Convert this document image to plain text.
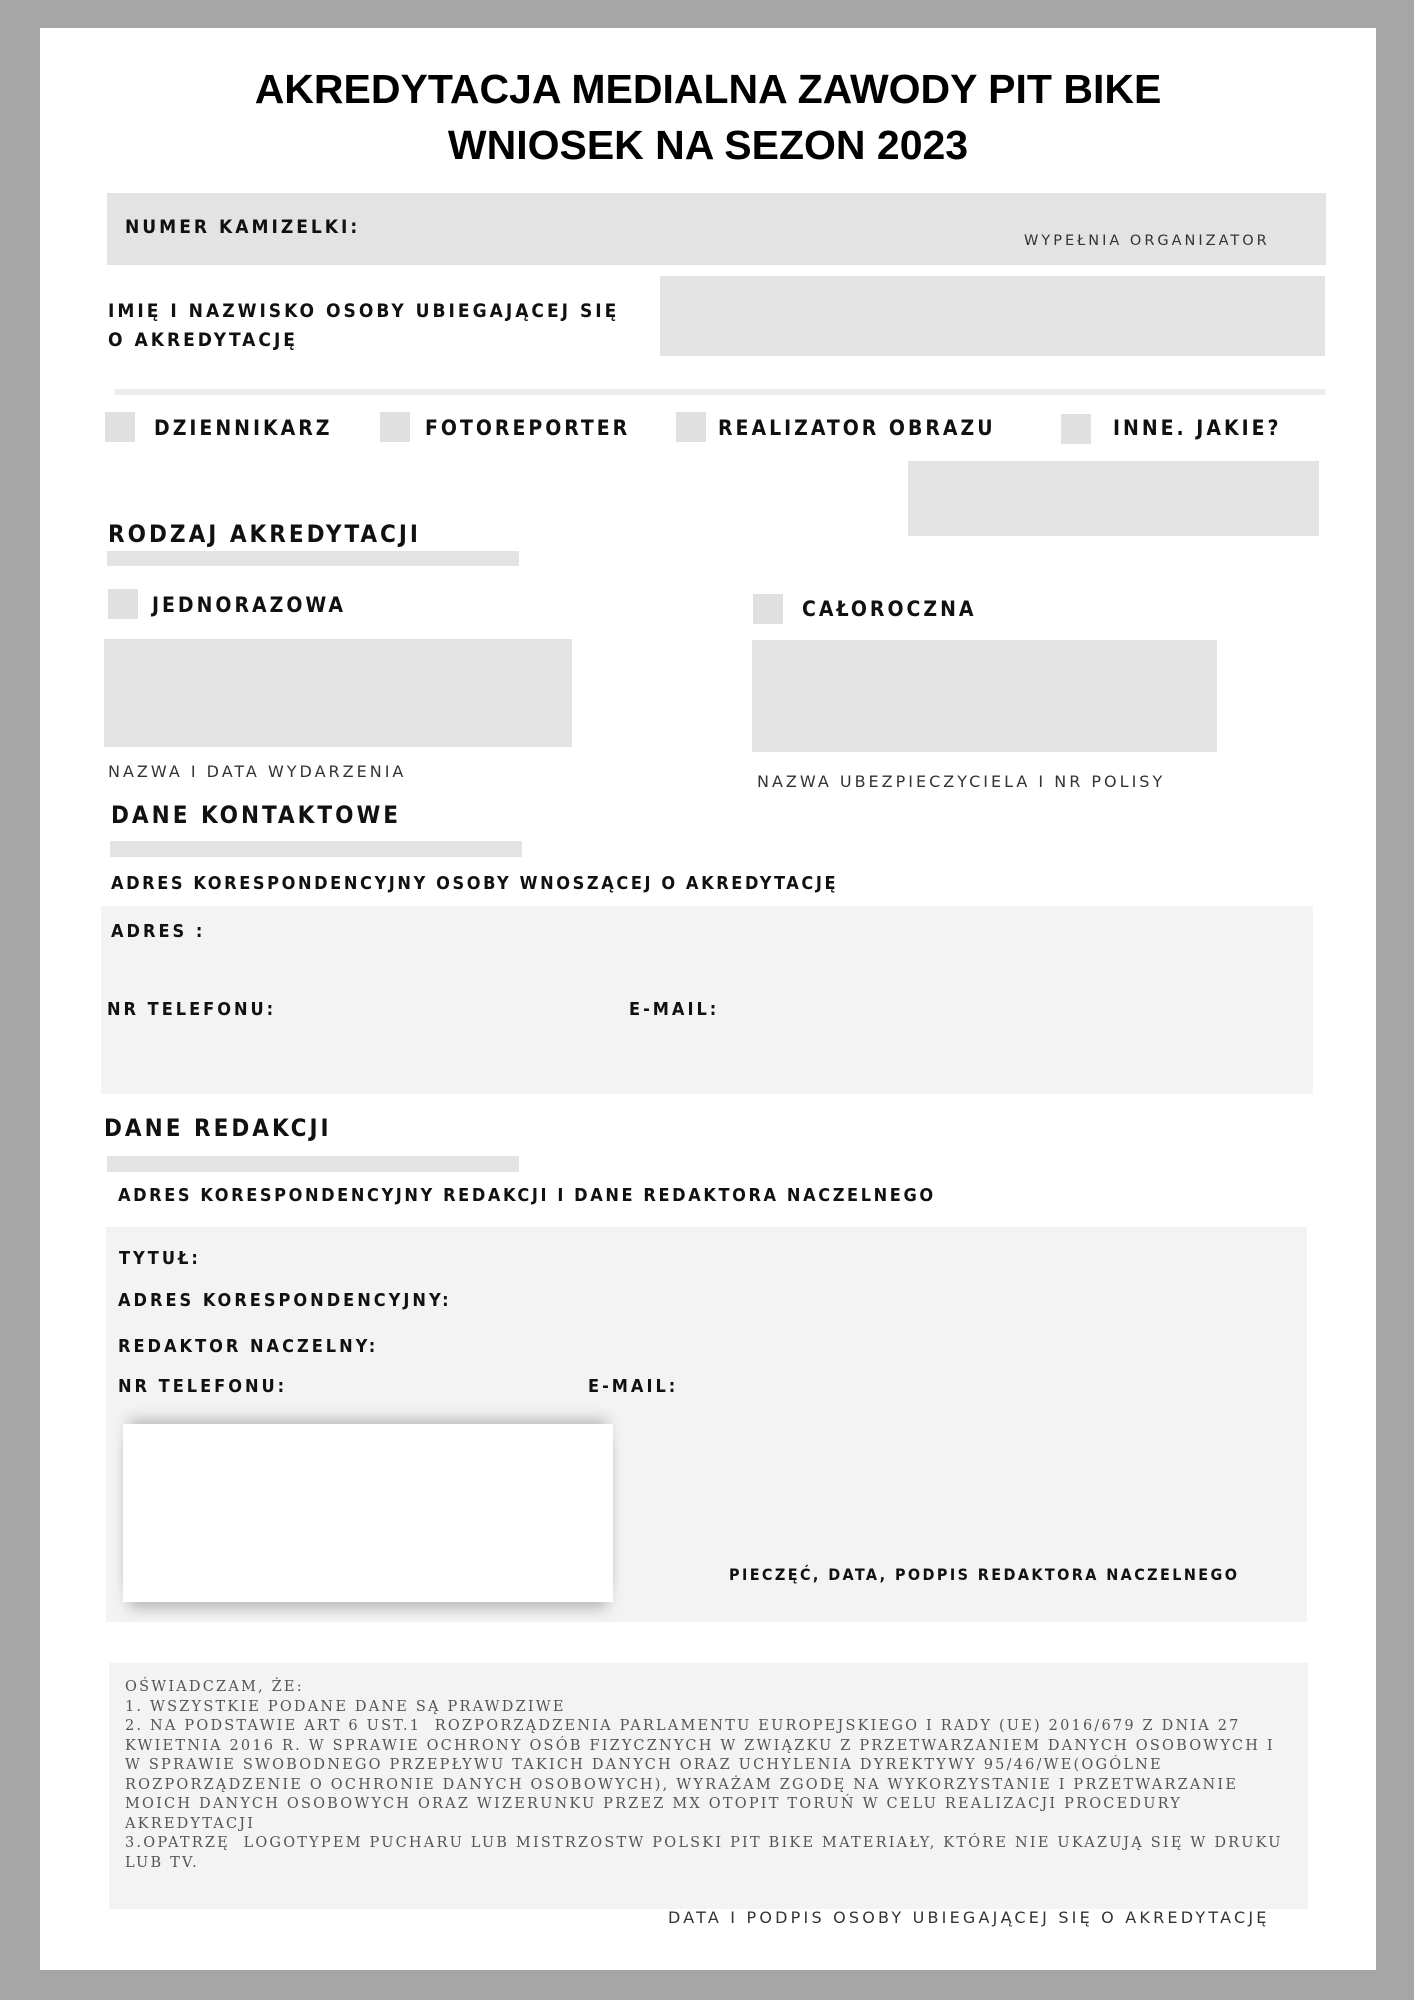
AKREDYTACJA MEDIALNA ZAWODY PIT BIKE
WNIOSEK NA SEZON 2023
NUMER KAMIZELKI:
WYPEŁNIA ORGANIZATOR
IMIĘ I NAZWISKO OSOBY UBIEGAJĄCEJ SIĘ
O AKREDYTACJĘ
DZIENNIKARZ	FOTOREPORTER	REALIZATOR OBRAZU	INNE. JAKIE?
RODZAJ AKREDYTACJI
JEDNORAZOWA
NAZWA I DATA WYDARZENIA
CAŁOROCZNA
NAZWA UBEZPIECZYCIELA I NR POLISY
DANE KONTAKTOWE
ADRES KORESPONDENCYJNY OSOBY WNOSZĄCEJ O AKREDYTACJĘ
ADRES :
NR TELEFONU:	E-MAIL:
DANE REDAKCJI
ADRES KORESPONDENCYJNY REDAKCJI I DANE REDAKTORA NACZELNEGO
TYTUŁ:
ADRES KORESPONDENCYJNY:
REDAKTOR NACZELNY:
NR TELEFONU:	E-MAIL:
PIECZĘĆ, DATA, PODPIS REDAKTORA NACZELNEGO
OŚWIADCZAM, ŻE:
1. WSZYSTKIE PODANE DANE SĄ PRAWDZIWE
2. NA PODSTAWIE ART 6 UST.1  ROZPORZĄDZENIA PARLAMENTU EUROPEJSKIEGO I RADY (UE) 2016/679 Z DNIA 27
KWIETNIA 2016 R. W SPRAWIE OCHRONY OSÓB FIZYCZNYCH W ZWIĄZKU Z PRZETWARZANIEM DANYCH OSOBOWYCH I
W SPRAWIE SWOBODNEGO PRZEPŁYWU TAKICH DANYCH ORAZ UCHYLENIA DYREKTYWY 95/46/WE(OGÓLNE
ROZPORZĄDZENIE O OCHRONIE DANYCH OSOBOWYCH), WYRAŻAM ZGODĘ NA WYKORZYSTANIE I PRZETWARZANIE
MOICH DANYCH OSOBOWYCH ORAZ WIZERUNKU PRZEZ MX OTOPIT TORUŃ W CELU REALIZACJI PROCEDURY
AKREDYTACJI
3.OPATRZĘ  LOGOTYPEM PUCHARU LUB MISTRZOSTW POLSKI PIT BIKE MATERIAŁY, KTÓRE NIE UKAZUJĄ SIĘ W DRUKU
LUB TV.
DATA I PODPIS OSOBY UBIEGAJĄCEJ SIĘ O AKREDYTACJĘ
